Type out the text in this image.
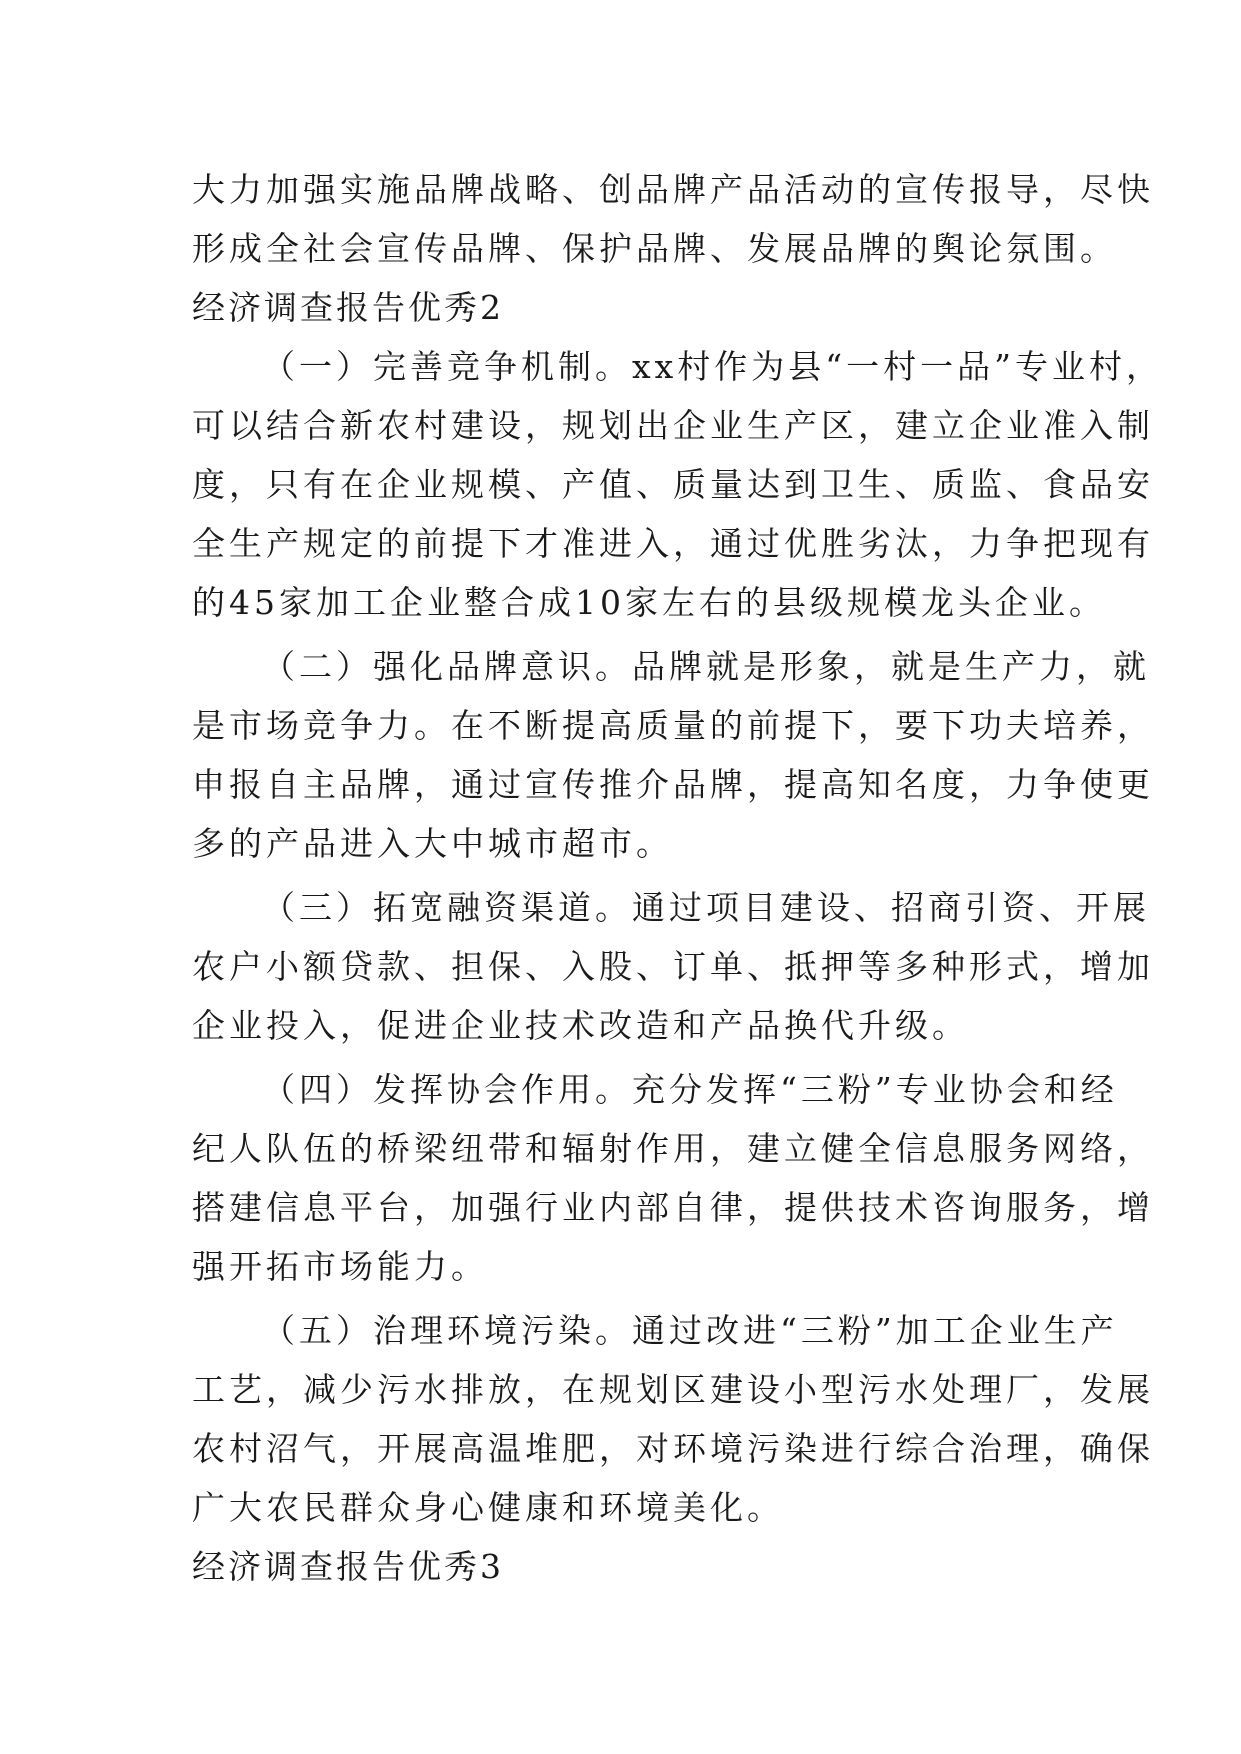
大力加强实施品牌战略、创品牌产品活动的宣传报导，尽快
形成全社会宣传品牌、保护品牌、发展品牌的舆论氛围。
经济调查报告优秀2
（一）完善竞争机制。xx村作为县“一村一品”专业村，
可以结合新农村建设，规划出企业生产区，建立企业准入制
度，只有在企业规模、产值、质量达到卫生、质监、食品安
全生产规定的前提下才准进入，通过优胜劣汰，力争把现有
的45家加工企业整合成10家左右的县级规模龙头企业。
（二）强化品牌意识。品牌就是形象，就是生产力，就
是市场竞争力。在不断提高质量的前提下，要下功夫培养，
申报自主品牌，通过宣传推介品牌，提高知名度，力争使更
多的产品进入大中城市超市。
（三）拓宽融资渠道。通过项目建设、招商引资、开展
农户小额贷款、担保、入股、订单、抵押等多种形式，增加
企业投入，促进企业技术改造和产品换代升级。
（四）发挥协会作用。充分发挥“三粉”专业协会和经
纪人队伍的桥梁纽带和辐射作用，建立健全信息服务网络，
搭建信息平台，加强行业内部自律，提供技术咨询服务，增
强开拓市场能力。
（五）治理环境污染。通过改进“三粉”加工企业生产
工艺，减少污水排放，在规划区建设小型污水处理厂，发展
农村沼气，开展高温堆肥，对环境污染进行综合治理，确保
广大农民群众身心健康和环境美化。
经济调查报告优秀3
